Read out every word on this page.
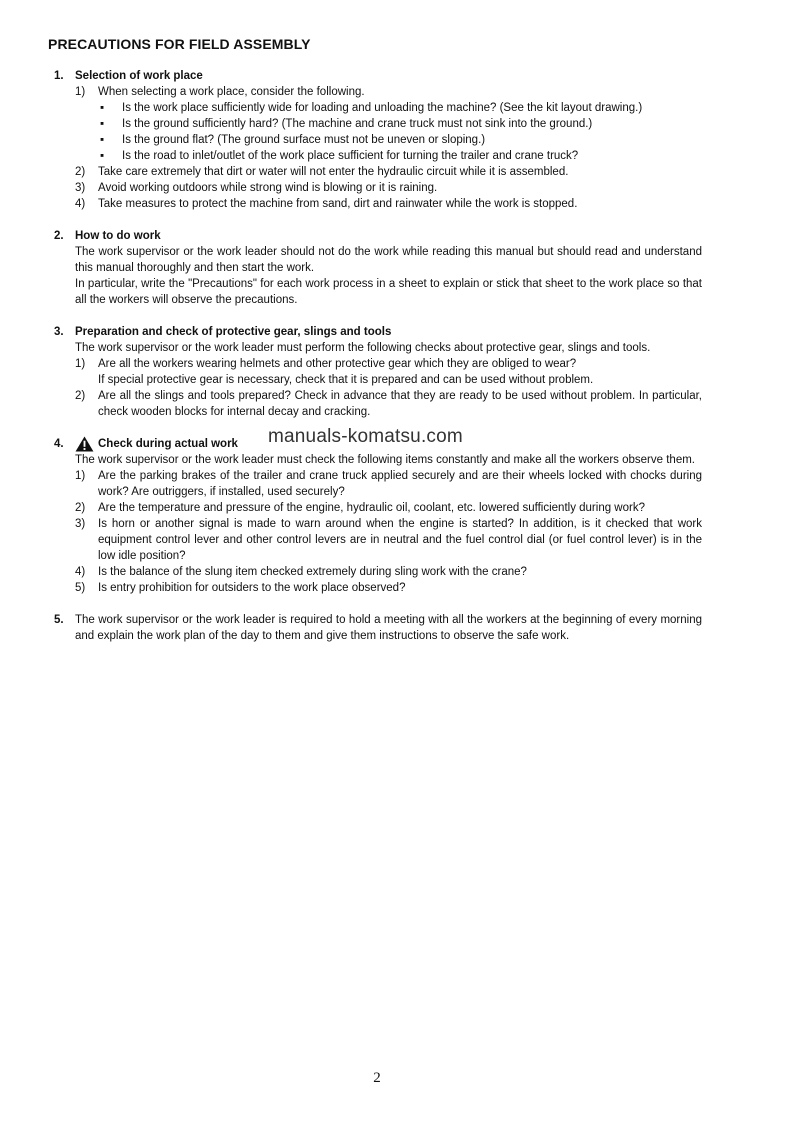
PRECAUTIONS FOR FIELD ASSEMBLY
1. Selection of work place
1) When selecting a work place, consider the following.
▪ Is the work place sufficiently wide for loading and unloading the machine? (See the kit layout drawing.)
▪ Is the ground sufficiently hard? (The machine and crane truck must not sink into the ground.)
▪ Is the ground flat? (The ground surface must not be uneven or sloping.)
▪ Is the road to inlet/outlet of the work place sufficient for turning the trailer and crane truck?
2) Take care extremely that dirt or water will not enter the hydraulic circuit while it is assembled.
3) Avoid working outdoors while strong wind is blowing or it is raining.
4) Take measures to protect the machine from sand, dirt and rainwater while the work is stopped.
2. How to do work
The work supervisor or the work leader should not do the work while reading this manual but should read and understand this manual thoroughly and then start the work.
In particular, write the "Precautions" for each work process in a sheet to explain or stick that sheet to the work place so that all the workers will observe the precautions.
3. Preparation and check of protective gear, slings and tools
The work supervisor or the work leader must perform the following checks about protective gear, slings and tools.
1) Are all the workers wearing helmets and other protective gear which they are obliged to wear?
If special protective gear is necessary, check that it is prepared and can be used without problem.
2) Are all the slings and tools prepared? Check in advance that they are ready to be used without problem. In particular, check wooden blocks for internal decay and cracking.
4.	Check during actual work
The work supervisor or the work leader must check the following items constantly and make all the workers observe them.
1) Are the parking brakes of the trailer and crane truck applied securely and are their wheels locked with chocks during work? Are outriggers, if installed, used securely?
2) Are the temperature and pressure of the engine, hydraulic oil, coolant, etc. lowered sufficiently during work?
3) Is horn or another signal is made to warn around when the engine is started? In addition, is it checked that work equipment control lever and other control levers are in neutral and the fuel control dial (or fuel control lever) is in the low idle position?
4) Is the balance of the slung item checked extremely during sling work with the crane?
5) Is entry prohibition for outsiders to the work place observed?
5. The work supervisor or the work leader is required to hold a meeting with all the workers at the beginning of every morning and explain the work plan of the day to them and give them instructions to observe the safe work.
manuals-komatsu.com
2
